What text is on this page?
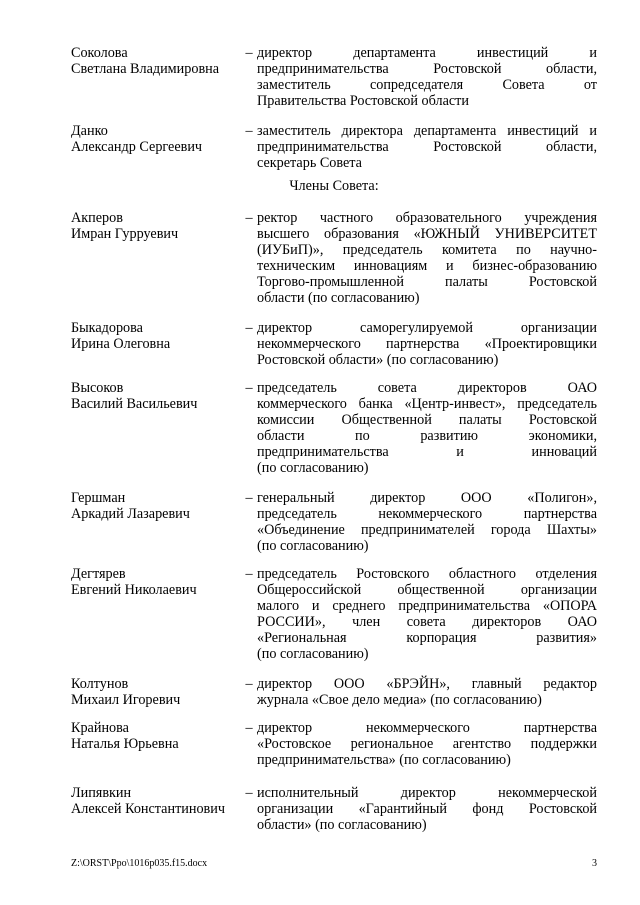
Соколова
Светлана Владимировна
– директор департамента инвестиций и
предпринимательства Ростовской области,
заместитель сопредседателя Совета от
Правительства Ростовской области
Данко
Александр Сергеевич
– заместитель директора департамента инвестиций и
предпринимательства Ростовской области,
секретарь Совета
Члены Совета:
Акперов
Имран Гурруевич
– ректор частного образовательного учреждения
высшего образования «ЮЖНЫЙ УНИВЕРСИТЕТ
(ИУБиП)», председатель комитета по научно-
техническим инновациям и бизнес-образованию
Торгово-промышленной палаты Ростовской
области (по согласованию)
Быкадорова
Ирина Олеговна
– директор саморегулируемой организации
некоммерческого партнерства «Проектировщики
Ростовской области» (по согласованию)
Высоков
Василий Васильевич
– председатель совета директоров ОАО
коммерческого банка «Центр-инвест», председатель
комиссии Общественной палаты Ростовской
области по развитию экономики,
предпринимательства и инноваций
(по согласованию)
Гершман
Аркадий Лазаревич
– генеральный директор ООО «Полигон»,
председатель некоммерческого партнерства
«Объединение предпринимателей города Шахты»
(по согласованию)
Дегтярев
Евгений Николаевич
– председатель Ростовского областного отделения
Общероссийской общественной организации
малого и среднего предпринимательства «ОПОРА
РОССИИ», член совета директоров ОАО
«Региональная корпорация развития»
(по согласованию)
Колтунов
Михаил Игоревич
– директор ООО «БРЭЙН», главный редактор
журнала «Свое дело медиа» (по согласованию)
Крайнова
Наталья Юрьевна
– директор некоммерческого партнерства
«Ростовское региональное агентство поддержки
предпринимательства» (по согласованию)
Липявкин
Алексей Константинович
– исполнительный директор некоммерческой
организации «Гарантийный фонд Ростовской
области» (по согласованию)
Z:\ORST\Ppo\1016p035.f15.docx	3
